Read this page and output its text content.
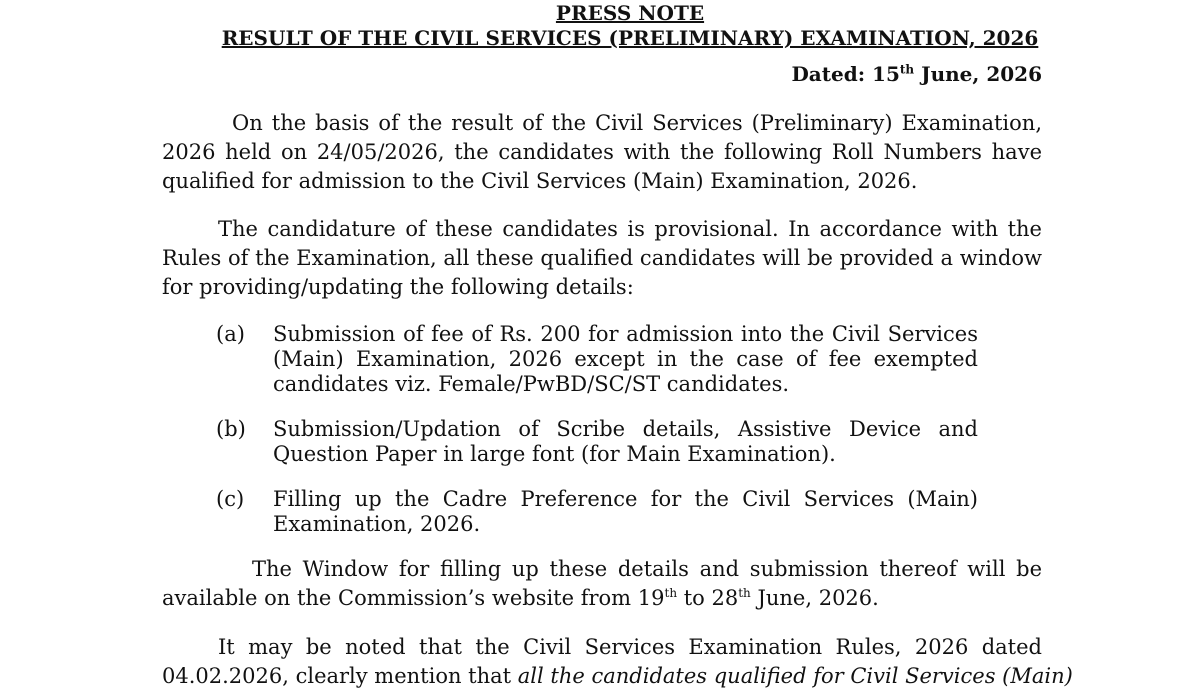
PRESS NOTE
RESULT OF THE CIVIL SERVICES (PRELIMINARY) EXAMINATION, 2026
Dated: 15th June, 2026
On the basis of the result of the Civil Services (Preliminary) Examination,
2026 held on 24/05/2026, the candidates with the following Roll Numbers have
qualified for admission to the Civil Services (Main) Examination, 2026.
The candidature of these candidates is provisional. In accordance with the
Rules of the Examination, all these qualified candidates will be provided a window
for providing/updating the following details:
(a) Submission of fee of Rs. 200 for admission into the Civil Services
(Main) Examination, 2026 except in the case of fee exempted
candidates viz. Female/PwBD/SC/ST candidates.
(b) Submission/Updation of Scribe details, Assistive Device and
Question Paper in large font (for Main Examination).
(c) Filling up the Cadre Preference for the Civil Services (Main)
Examination, 2026.
The Window for filling up these details and submission thereof will be
available on the Commission’s website from 19th to 28th June, 2026.
It may be noted that the Civil Services Examination Rules, 2026 dated
04.02.2026, clearly mention that all the candidates qualified for Civil Services (Main)
